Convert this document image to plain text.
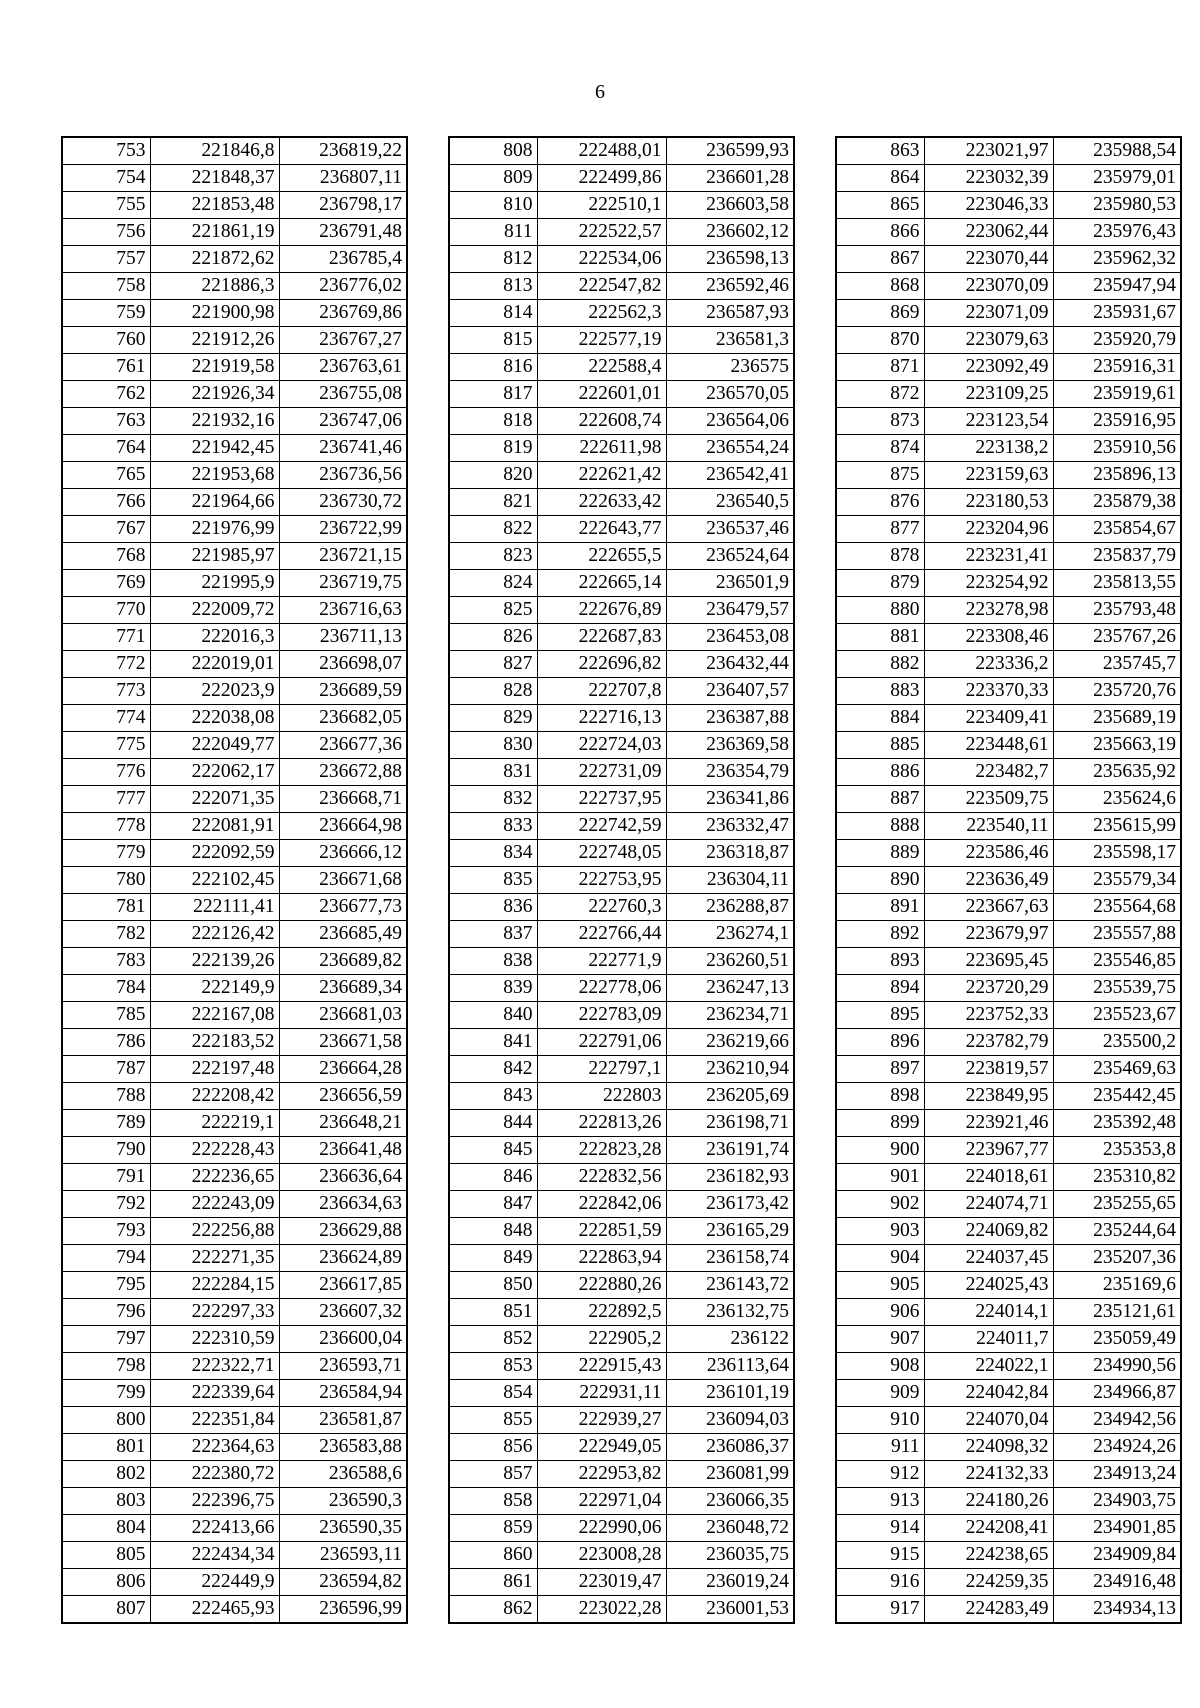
6
753	221846,8	236819,22
754	221848,37	236807,11
755	221853,48	236798,17
756	221861,19	236791,48
757	221872,62	236785,4
758	221886,3	236776,02
759	221900,98	236769,86
760	221912,26	236767,27
761	221919,58	236763,61
762	221926,34	236755,08
763	221932,16	236747,06
764	221942,45	236741,46
765	221953,68	236736,56
766	221964,66	236730,72
767	221976,99	236722,99
768	221985,97	236721,15
769	221995,9	236719,75
770	222009,72	236716,63
771	222016,3	236711,13
772	222019,01	236698,07
773	222023,9	236689,59
774	222038,08	236682,05
775	222049,77	236677,36
776	222062,17	236672,88
777	222071,35	236668,71
778	222081,91	236664,98
779	222092,59	236666,12
780	222102,45	236671,68
781	222111,41	236677,73
782	222126,42	236685,49
783	222139,26	236689,82
784	222149,9	236689,34
785	222167,08	236681,03
786	222183,52	236671,58
787	222197,48	236664,28
788	222208,42	236656,59
789	222219,1	236648,21
790	222228,43	236641,48
791	222236,65	236636,64
792	222243,09	236634,63
793	222256,88	236629,88
794	222271,35	236624,89
795	222284,15	236617,85
796	222297,33	236607,32
797	222310,59	236600,04
798	222322,71	236593,71
799	222339,64	236584,94
800	222351,84	236581,87
801	222364,63	236583,88
802	222380,72	236588,6
803	222396,75	236590,3
804	222413,66	236590,35
805	222434,34	236593,11
806	222449,9	236594,82
807	222465,93	236596,99
808	222488,01	236599,93
809	222499,86	236601,28
810	222510,1	236603,58
811	222522,57	236602,12
812	222534,06	236598,13
813	222547,82	236592,46
814	222562,3	236587,93
815	222577,19	236581,3
816	222588,4	236575
817	222601,01	236570,05
818	222608,74	236564,06
819	222611,98	236554,24
820	222621,42	236542,41
821	222633,42	236540,5
822	222643,77	236537,46
823	222655,5	236524,64
824	222665,14	236501,9
825	222676,89	236479,57
826	222687,83	236453,08
827	222696,82	236432,44
828	222707,8	236407,57
829	222716,13	236387,88
830	222724,03	236369,58
831	222731,09	236354,79
832	222737,95	236341,86
833	222742,59	236332,47
834	222748,05	236318,87
835	222753,95	236304,11
836	222760,3	236288,87
837	222766,44	236274,1
838	222771,9	236260,51
839	222778,06	236247,13
840	222783,09	236234,71
841	222791,06	236219,66
842	222797,1	236210,94
843	222803	236205,69
844	222813,26	236198,71
845	222823,28	236191,74
846	222832,56	236182,93
847	222842,06	236173,42
848	222851,59	236165,29
849	222863,94	236158,74
850	222880,26	236143,72
851	222892,5	236132,75
852	222905,2	236122
853	222915,43	236113,64
854	222931,11	236101,19
855	222939,27	236094,03
856	222949,05	236086,37
857	222953,82	236081,99
858	222971,04	236066,35
859	222990,06	236048,72
860	223008,28	236035,75
861	223019,47	236019,24
862	223022,28	236001,53
863	223021,97	235988,54
864	223032,39	235979,01
865	223046,33	235980,53
866	223062,44	235976,43
867	223070,44	235962,32
868	223070,09	235947,94
869	223071,09	235931,67
870	223079,63	235920,79
871	223092,49	235916,31
872	223109,25	235919,61
873	223123,54	235916,95
874	223138,2	235910,56
875	223159,63	235896,13
876	223180,53	235879,38
877	223204,96	235854,67
878	223231,41	235837,79
879	223254,92	235813,55
880	223278,98	235793,48
881	223308,46	235767,26
882	223336,2	235745,7
883	223370,33	235720,76
884	223409,41	235689,19
885	223448,61	235663,19
886	223482,7	235635,92
887	223509,75	235624,6
888	223540,11	235615,99
889	223586,46	235598,17
890	223636,49	235579,34
891	223667,63	235564,68
892	223679,97	235557,88
893	223695,45	235546,85
894	223720,29	235539,75
895	223752,33	235523,67
896	223782,79	235500,2
897	223819,57	235469,63
898	223849,95	235442,45
899	223921,46	235392,48
900	223967,77	235353,8
901	224018,61	235310,82
902	224074,71	235255,65
903	224069,82	235244,64
904	224037,45	235207,36
905	224025,43	235169,6
906	224014,1	235121,61
907	224011,7	235059,49
908	224022,1	234990,56
909	224042,84	234966,87
910	224070,04	234942,56
911	224098,32	234924,26
912	224132,33	234913,24
913	224180,26	234903,75
914	224208,41	234901,85
915	224238,65	234909,84
916	224259,35	234916,48
917	224283,49	234934,13
